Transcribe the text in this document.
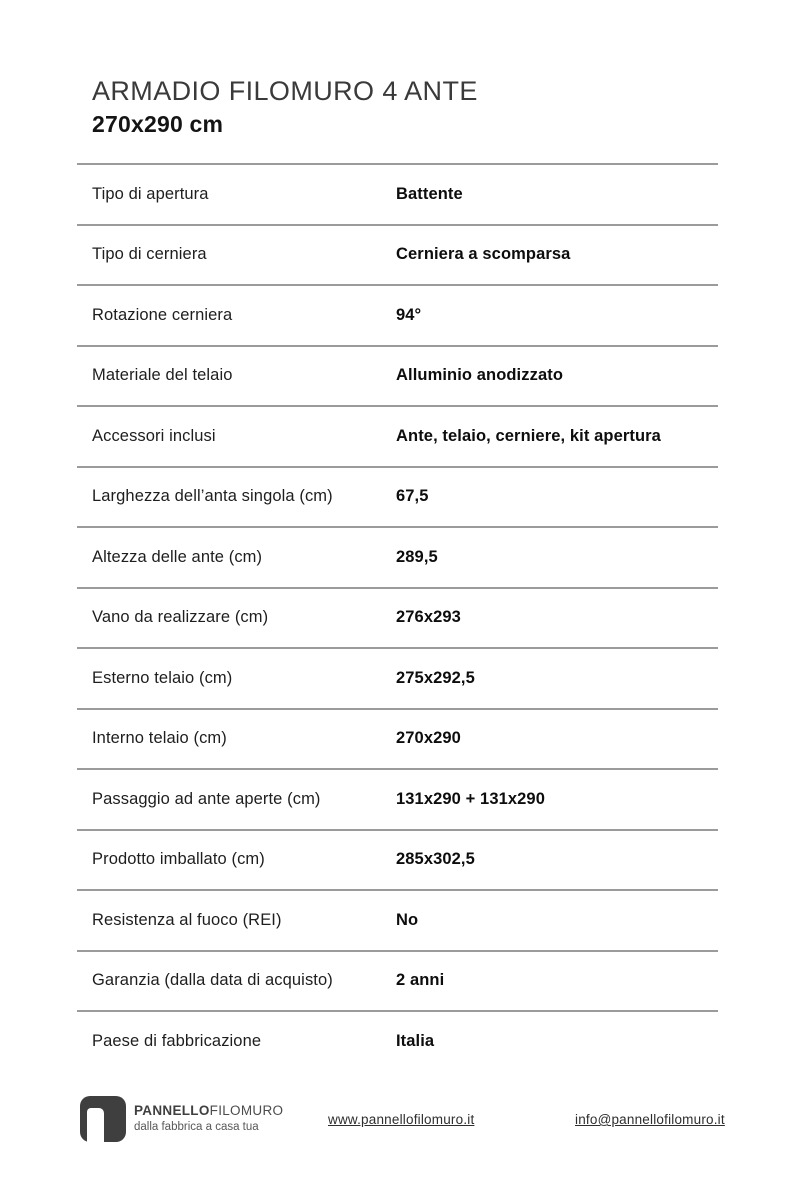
ARMADIO FILOMURO 4 ANTE
270x290 cm
Tipo di apertura	Battente
Tipo di cerniera	Cerniera a scomparsa
Rotazione cerniera	94°
Materiale del telaio	Alluminio anodizzato
Accessori inclusi	Ante, telaio, cerniere, kit apertura
Larghezza dell’anta singola (cm)	67,5
Altezza delle ante (cm)	289,5
Vano da realizzare (cm)	276x293
Esterno telaio (cm)	275x292,5
Interno telaio (cm)	270x290
Passaggio ad ante aperte (cm)	131x290 + 131x290
Prodotto imballato (cm)	285x302,5
Resistenza al fuoco (REI)	No
Garanzia (dalla data di acquisto)	2 anni
Paese di fabbricazione	Italia
PANNELLOFILOMURO
dalla fabbrica a casa tua
www.pannellofilomuro.it	info@pannellofilomuro.it
